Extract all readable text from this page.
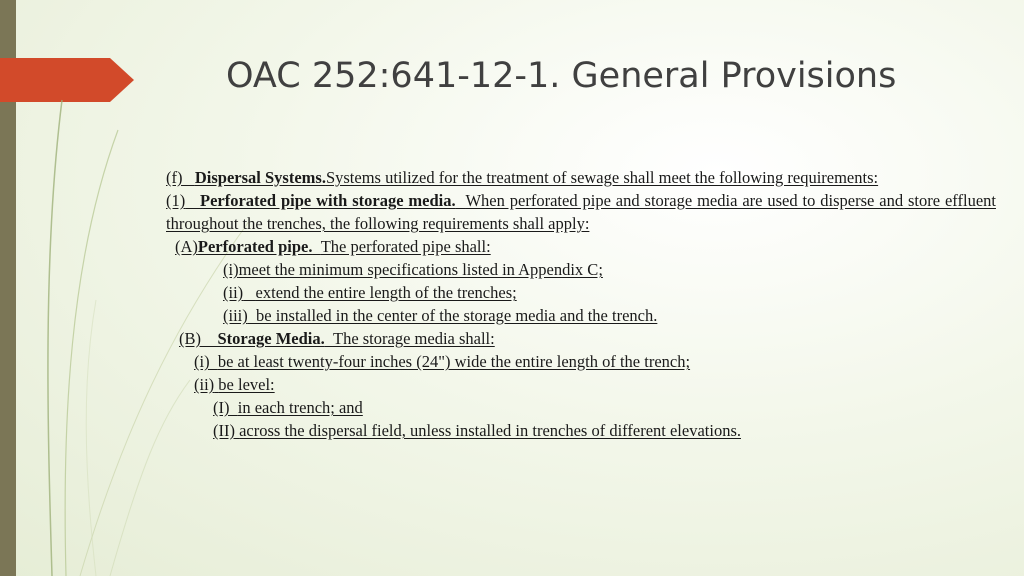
OAC 252:641-12-1. General Provisions
(f) Dispersal Systems.Systems utilized for the treatment of sewage shall meet the following requirements:
(1) Perforated pipe with storage media. When perforated pipe and storage media are used to disperse and store effluent throughout the trenches, the following requirements shall apply:
(A)Perforated pipe. The perforated pipe shall:
(i)meet the minimum specifications listed in Appendix C;
(ii) extend the entire length of the trenches;
(iii) be installed in the center of the storage media and the trench.
(B) Storage Media. The storage media shall:
(i) be at least twenty-four inches (24") wide the entire length of the trench;
(ii) be level:
(I) in each trench; and
(II) across the dispersal field, unless installed in trenches of different elevations.
